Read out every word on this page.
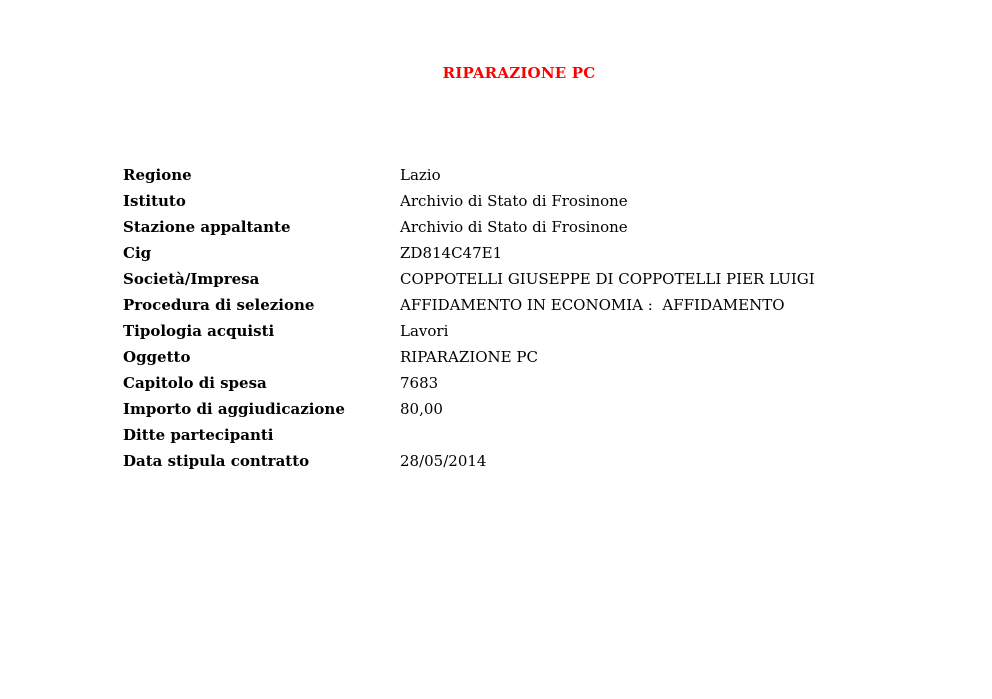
RIPARAZIONE PC
Regione	Lazio
Istituto	Archivio di Stato di Frosinone
Stazione appaltante	Archivio di Stato di Frosinone
Cig	ZD814C47E1
Società/Impresa	COPPOTELLI GIUSEPPE DI COPPOTELLI PIER LUIGI
Procedura di selezione	AFFIDAMENTO IN ECONOMIA :  AFFIDAMENTO
Tipologia acquisti	Lavori
Oggetto	RIPARAZIONE PC
Capitolo di spesa	7683
Importo di aggiudicazione	80,00
Ditte partecipanti
Data stipula contratto	28/05/2014
